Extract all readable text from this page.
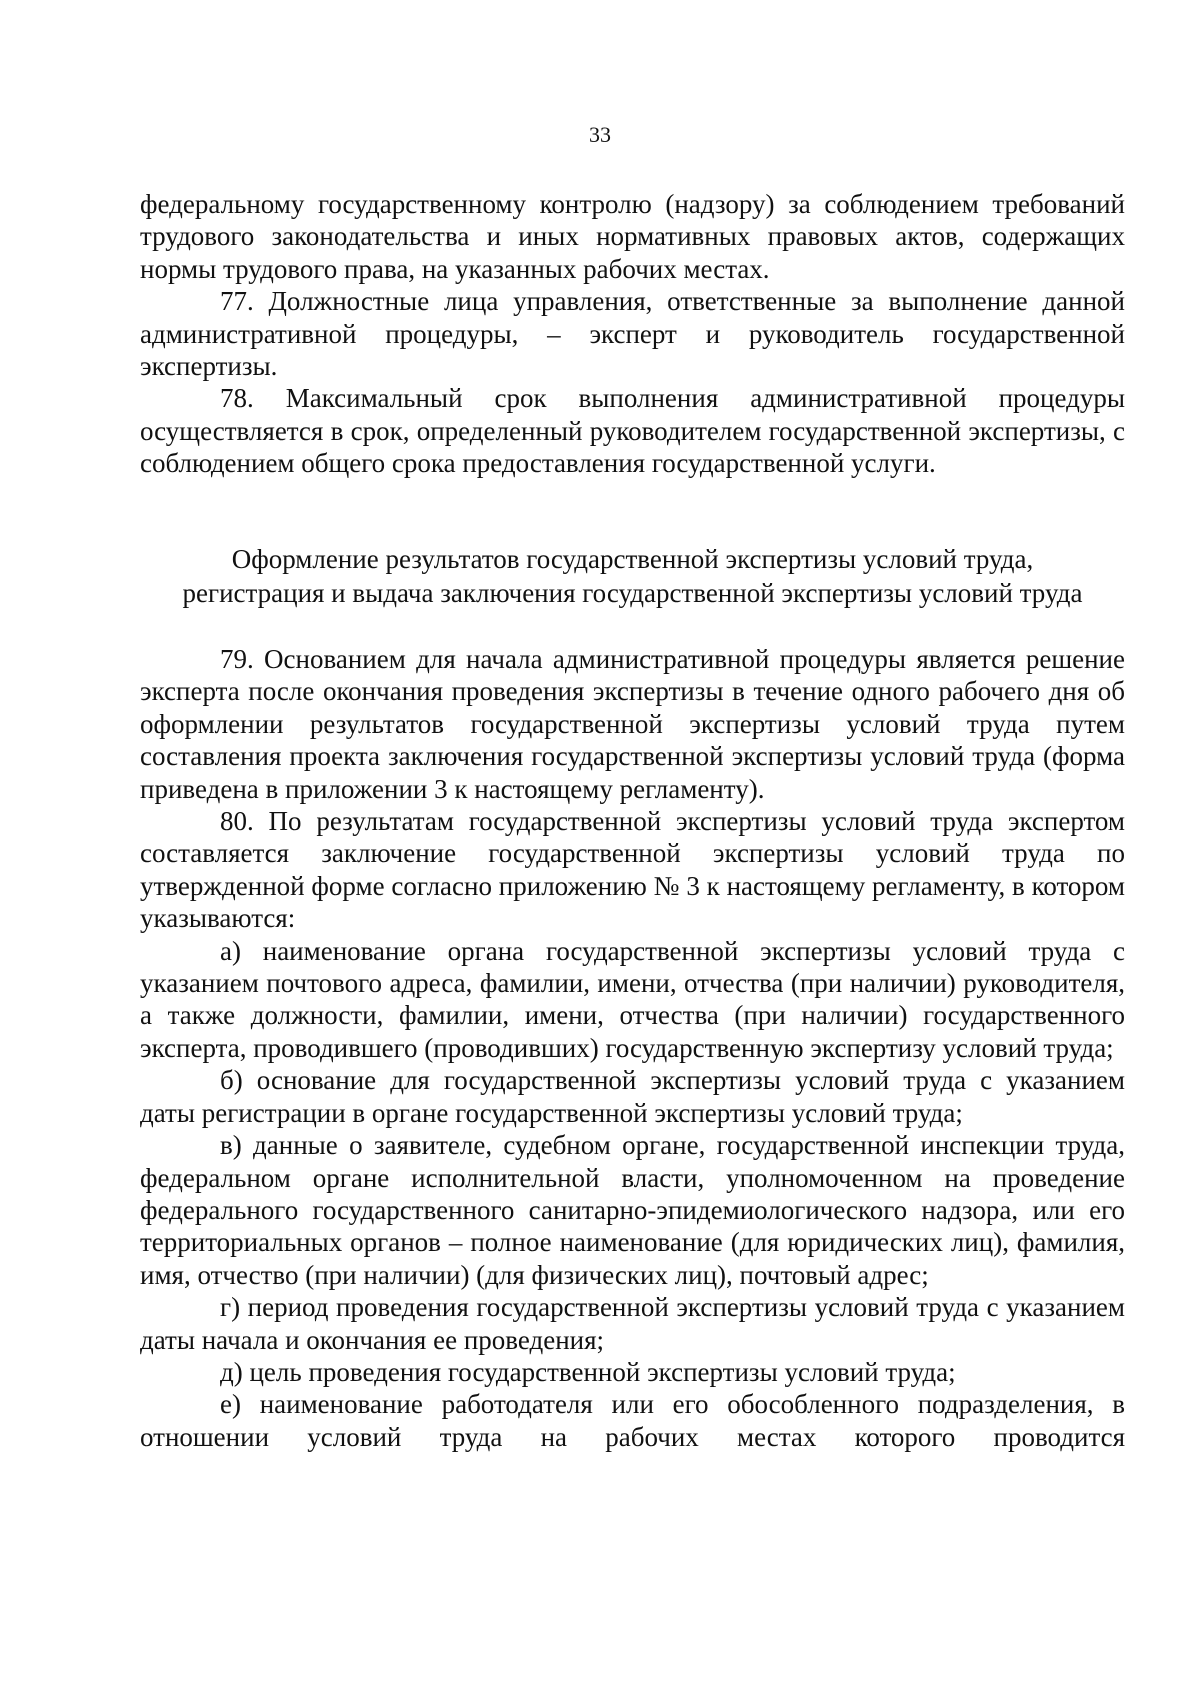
33

федеральному государственному контролю (надзору) за соблюдением требований трудового законодательства и иных нормативных правовых актов, содержащих нормы трудового права, на указанных рабочих местах.

77. Должностные лица управления, ответственные за выполнение данной административной процедуры, – эксперт и руководитель государственной экспертизы.

78. Максимальный срок выполнения административной процедуры осуществляется в срок, определенный руководителем государственной экспертизы, с соблюдением общего срока предоставления государственной услуги.

Оформление результатов государственной экспертизы условий труда,
регистрация и выдача заключения государственной экспертизы условий труда

79. Основанием для начала административной процедуры является решение эксперта после окончания проведения экспертизы в течение одного рабочего дня об оформлении результатов государственной экспертизы условий труда путем составления проекта заключения государственной экспертизы условий труда (форма приведена в приложении 3 к настоящему регламенту).

80. По результатам государственной экспертизы условий труда экспертом составляется заключение государственной экспертизы условий труда по утвержденной форме согласно приложению № 3 к настоящему регламенту, в котором указываются:

а) наименование органа государственной экспертизы условий труда с указанием почтового адреса, фамилии, имени, отчества (при наличии) руководителя, а также должности, фамилии, имени, отчества (при наличии) государственного эксперта, проводившего (проводивших) государственную экспертизу условий труда;

б) основание для государственной экспертизы условий труда с указанием даты регистрации в органе государственной экспертизы условий труда;

в) данные о заявителе, судебном органе, государственной инспекции труда, федеральном органе исполнительной власти, уполномоченном на проведение федерального государственного санитарно-эпидемиологического надзора, или его территориальных органов – полное наименование (для юридических лиц), фамилия, имя, отчество (при наличии) (для физических лиц), почтовый адрес;

г) период проведения государственной экспертизы условий труда с указанием даты начала и окончания ее проведения;

д) цель проведения государственной экспертизы условий труда;

е) наименование работодателя или его обособленного подразделения, в отношении условий труда на рабочих местах которого проводится
